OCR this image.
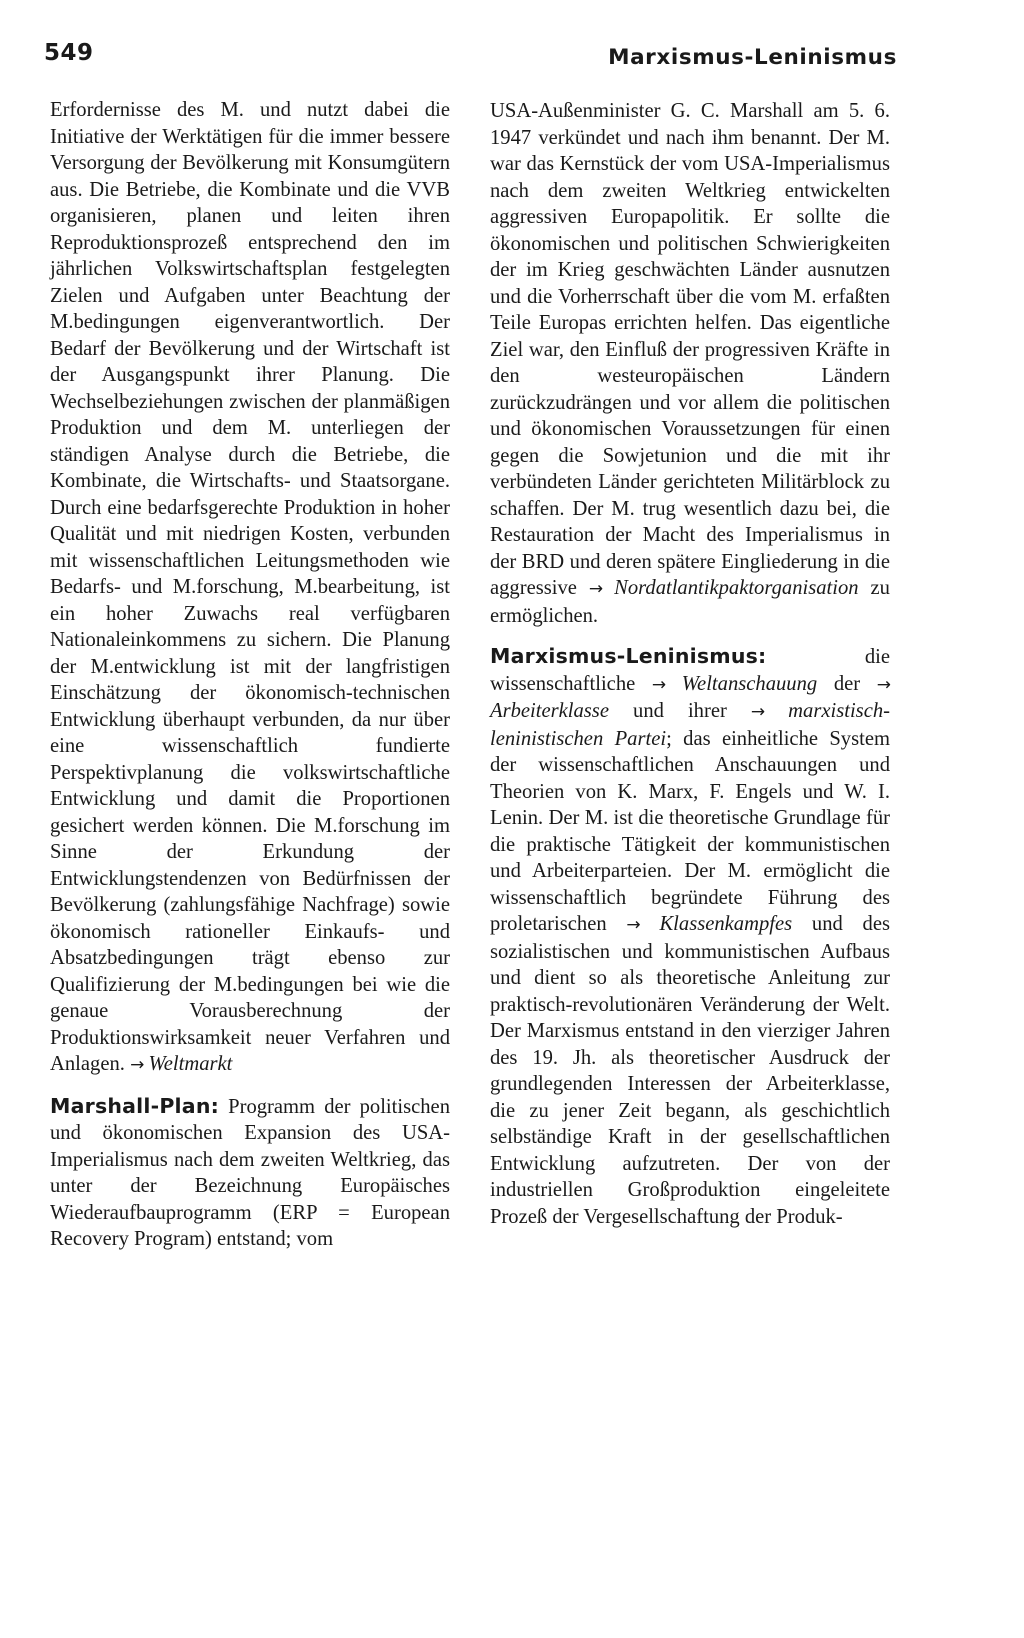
549	Marxismus-Leninismus

Erfordernisse des M. und nutzt dabei die Initiative der Werktätigen für die immer bessere Versorgung der Bevölkerung mit Konsumgütern aus. Die Betriebe, die Kombinate und die VVB organisieren, planen und leiten ihren Reproduktionsprozeß entsprechend den im jährlichen Volkswirtschaftsplan festgelegten Zielen und Aufgaben unter Beachtung der M.bedingungen eigenverantwortlich. Der Bedarf der Bevölkerung und der Wirtschaft ist der Ausgangspunkt ihrer Planung. Die Wechselbeziehungen zwischen der planmäßigen Produktion und dem M. unterliegen der ständigen Analyse durch die Betriebe, die Kombinate, die Wirtschafts- und Staatsorgane. Durch eine bedarfsgerechte Produktion in hoher Qualität und mit niedrigen Kosten, verbunden mit wissenschaftlichen Leitungsmethoden wie Bedarfs- und M.forschung, M.bearbeitung, ist ein hoher Zuwachs real verfügbaren Nationaleinkommens zu sichern. Die Planung der M.entwicklung ist mit der langfristigen Einschätzung der ökonomisch-technischen Entwicklung überhaupt verbunden, da nur über eine wissenschaftlich fundierte Perspektivplanung die volkswirtschaftliche Entwicklung und damit die Proportionen gesichert werden können. Die M.forschung im Sinne der Erkundung der Entwicklungstendenzen von Bedürfnissen der Bevölkerung (zahlungsfähige Nachfrage) sowie ökonomisch rationeller Einkaufs- und Absatzbedingungen trägt ebenso zur Qualifizierung der M.bedingungen bei wie die genaue Vorausberechnung der Produktionswirksamkeit neuer Verfahren und Anlagen. → Weltmarkt

Marshall-Plan: Programm der politischen und ökonomischen Expansion des USA-Imperialismus nach dem zweiten Weltkrieg, das unter der Bezeichnung Europäisches Wiederaufbauprogramm (ERP = European Recovery Program) entstand; vom

USA-Außenminister G. C. Marshall am 5. 6. 1947 verkündet und nach ihm benannt. Der M. war das Kernstück der vom USA-Imperialismus nach dem zweiten Weltkrieg entwickelten aggressiven Europapolitik. Er sollte die ökonomischen und politischen Schwierigkeiten der im Krieg geschwächten Länder ausnutzen und die Vorherrschaft über die vom M. erfaßten Teile Europas errichten helfen. Das eigentliche Ziel war, den Einfluß der progressiven Kräfte in den westeuropäischen Ländern zurückzudrängen und vor allem die politischen und ökonomischen Voraussetzungen für einen gegen die Sowjetunion und die mit ihr verbündeten Länder gerichteten Militärblock zu schaffen. Der M. trug wesentlich dazu bei, die Restauration der Macht des Imperialismus in der BRD und deren spätere Eingliederung in die aggressive → Nordatlantikpaktorganisation zu ermöglichen.

Marxismus-Leninismus:	die wissenschaftliche → Weltanschauung der → Arbeiterklasse und ihrer → marxistisch-leninistischen Partei; das einheitliche System der wissenschaftlichen Anschauungen und Theorien von K. Marx, F. Engels und W. I. Lenin. Der M. ist die theoretische Grundlage für die praktische Tätigkeit der kommunistischen und Arbeiterparteien. Der M. ermöglicht die wissenschaftlich begründete Führung des proletarischen → Klassenkampfes und des sozialistischen und kommunistischen Aufbaus und dient so als theoretische Anleitung zur praktisch-revolutionären Veränderung der Welt. Der Marxismus entstand in den vierziger Jahren des 19. Jh. als theoretischer Ausdruck der grundlegenden Interessen der Arbeiterklasse, die zu jener Zeit begann, als geschichtlich selbständige Kraft in der gesellschaftlichen Entwicklung aufzutreten. Der von der industriellen Großproduktion eingeleitete Prozeß der Vergesellschaftung der Produk-
